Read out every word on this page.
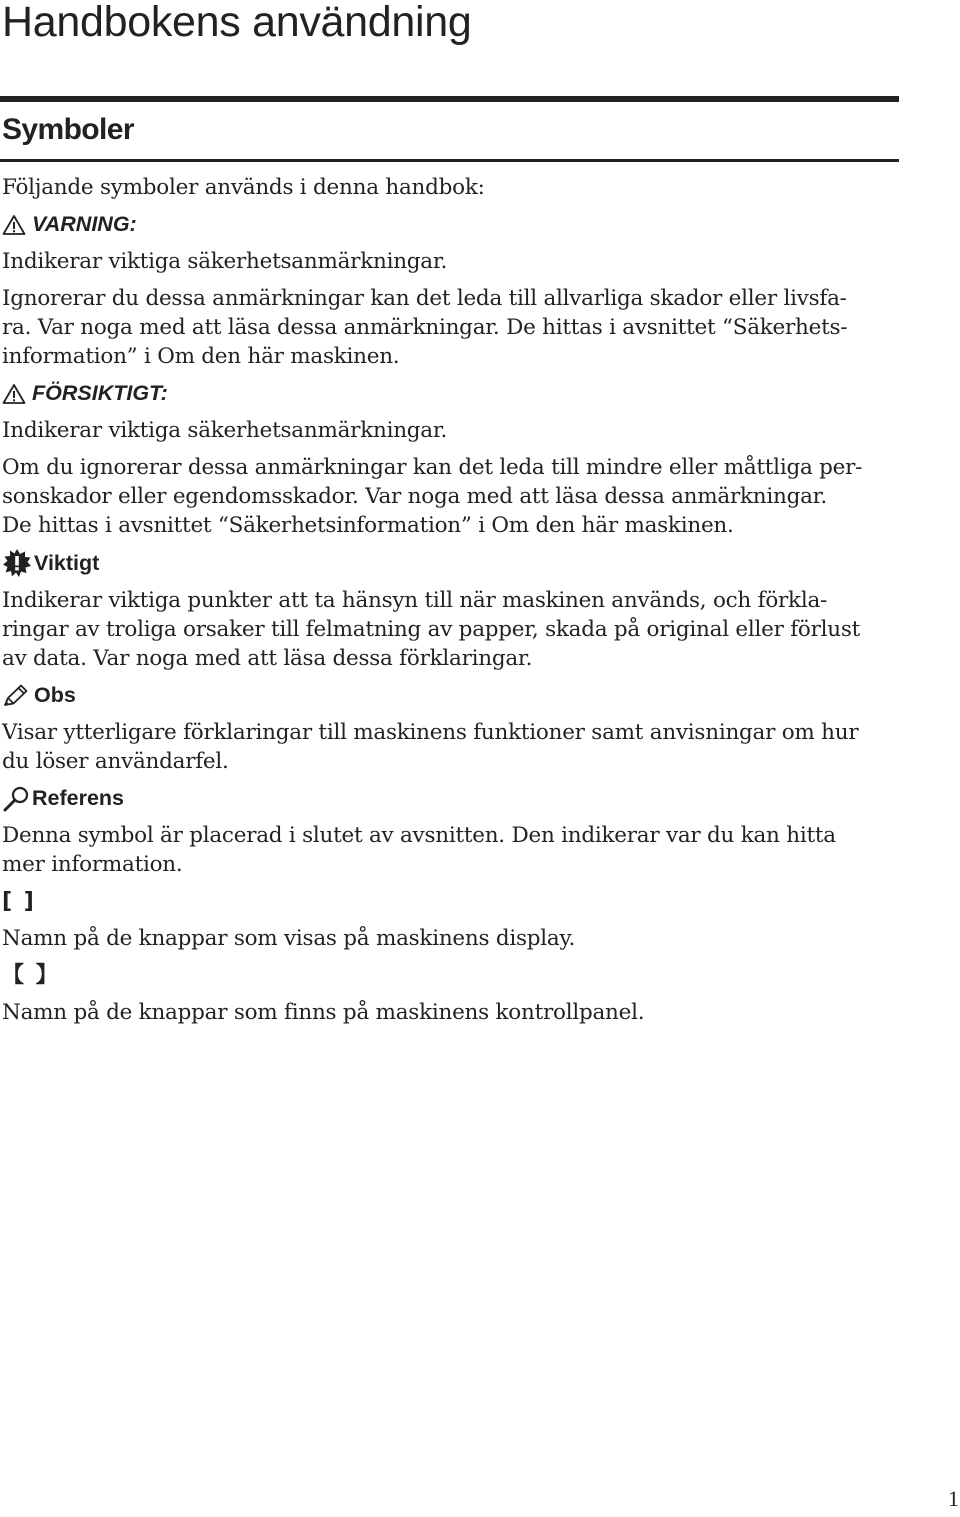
Handbokens användning
Symboler

Följande symboler används i denna handbok:

VARNING:

Indikerar viktiga säkerhetsanmärkningar.

Ignorerar du dessa anmärkningar kan det leda till allvarliga skador eller livsfa-

ra. Var noga med att läsa dessa anmärkningar. De hittas i avsnittet “Säkerhets-

information” i Om den här maskinen.

FÖRSIKTIGT:

Indikerar viktiga säkerhetsanmärkningar.

Om du ignorerar dessa anmärkningar kan det leda till mindre eller måttliga per-

sonskador eller egendomsskador. Var noga med att läsa dessa anmärkningar.

De hittas i avsnittet “Säkerhetsinformation” i Om den här maskinen.

Viktigt

Indikerar viktiga punkter att ta hänsyn till när maskinen används, och förkla-

ringar av troliga orsaker till felmatning av papper, skada på original eller förlust

av data. Var noga med att läsa dessa förklaringar.

Obs

Visar ytterligare förklaringar till maskinens funktioner samt anvisningar om hur

du löser användarfel.

Referens

Denna symbol är placerad i slutet av avsnitten. Den indikerar var du kan hitta

mer information.

[ ]

Namn på de knappar som visas på maskinens display.

【 】

Namn på de knappar som finns på maskinens kontrollpanel.

1
